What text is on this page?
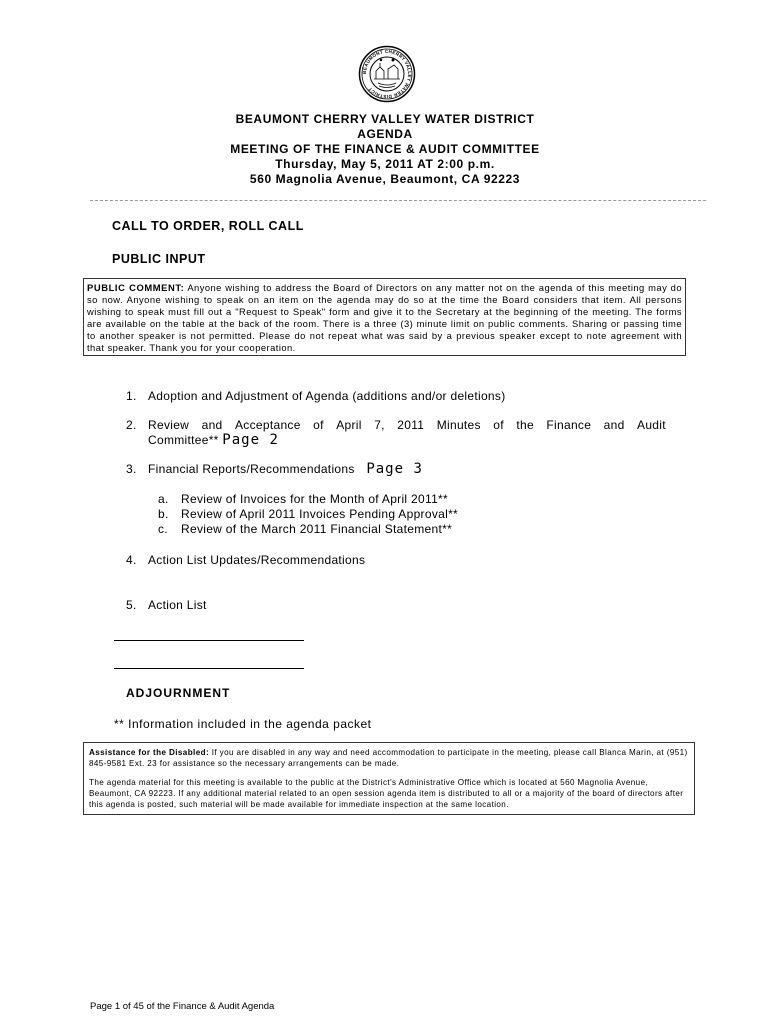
BEAUMONT CHERRY VALLEY WATER DISTRICT
BEAUMONT CHERRY VALLEY WATER DISTRICT
AGENDA
MEETING OF THE FINANCE & AUDIT COMMITTEE
Thursday, May 5, 2011 AT 2:00 p.m.
560 Magnolia Avenue, Beaumont, CA 92223
CALL TO ORDER, ROLL CALL
PUBLIC INPUT
PUBLIC COMMENT: Anyone wishing to address the Board of Directors on any matter not on the agenda of this meeting may do so now. Anyone wishing to speak on an item on the agenda may do so at the time the Board considers that item. All persons wishing to speak must fill out a "Request to Speak" form and give it to the Secretary at the beginning of the meeting. The forms are available on the table at the back of the room. There is a three (3) minute limit on public comments. Sharing or passing time to another speaker is not permitted. Please do not repeat what was said by a previous speaker except to note agreement with that speaker. Thank you for your cooperation.
1. Adoption and Adjustment of Agenda (additions and/or deletions)
2. Review and Acceptance of April 7, 2011 Minutes of the Finance and Audit
Committee** Page 2
3. Financial Reports/Recommendations Page 3
a. Review of Invoices for the Month of April 2011**
b. Review of April 2011 Invoices Pending Approval**
c. Review of the March 2011 Financial Statement**
4. Action List Updates/Recommendations
5. Action List
ADJOURNMENT
** Information included in the agenda packet

Assistance for the Disabled: If you are disabled in any way and need accommodation to participate in the meeting, please call Blanca Marin, at (951) 845-9581 Ext. 23 for assistance so the necessary arrangements can be made.

The agenda material for this meeting is available to the public at the District's Administrative Office which is located at 560 Magnolia Avenue, Beaumont, CA 92223. If any additional material related to an open session agenda item is distributed to all or a majority of the board of directors after this agenda is posted, such material will be made available for immediate inspection at the same location.

Page 1 of 45 of the Finance & Audit Agenda
